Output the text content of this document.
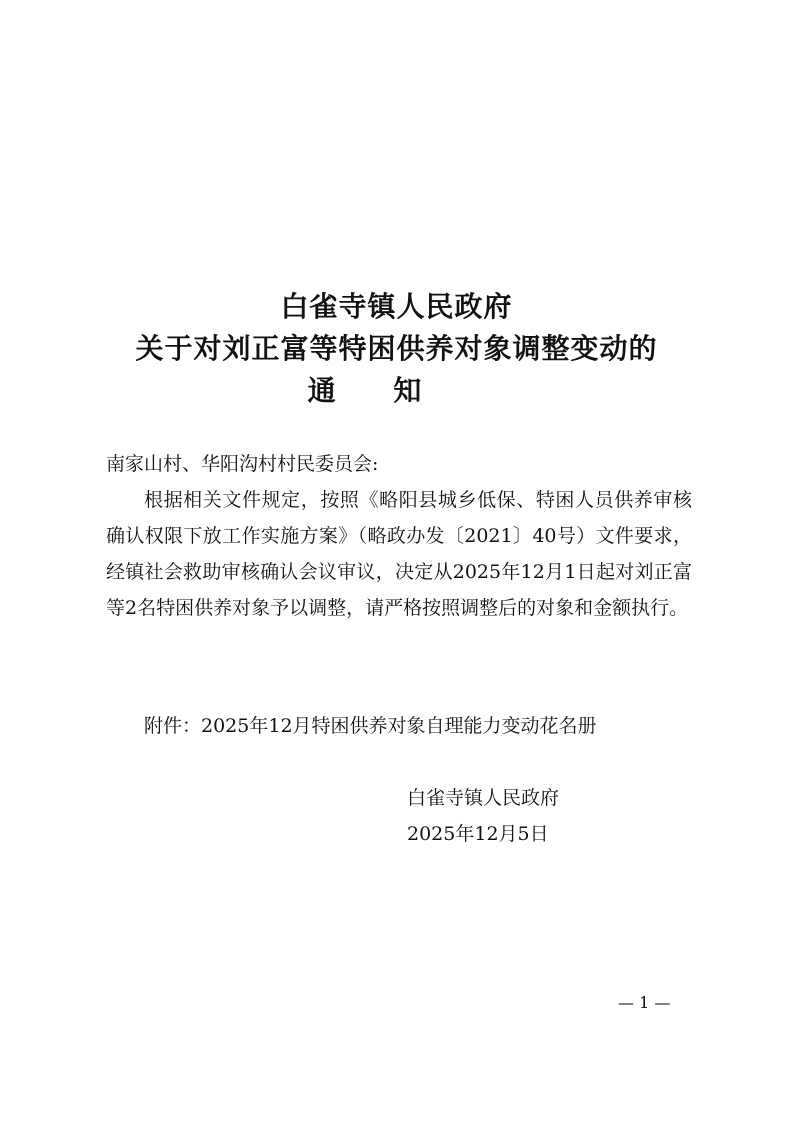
白雀寺镇人民政府
关于对刘正富等特困供养对象调整变动的
通 知
南家山村、华阳沟村村民委员会:
根据相关文件规定，按照《略阳县城乡低保、特困人员供养审核确认权限下放工作实施方案》（略政办发〔2021〕40号）文件要求，经镇社会救助审核确认会议审议，决定从2025年12月1日起对刘正富等2名特困供养对象予以调整，请严格按照调整后的对象和金额执行。
附件：2025年12月特困供养对象自理能力变动花名册
白雀寺镇人民政府
2025年12月5日
— 1 —
